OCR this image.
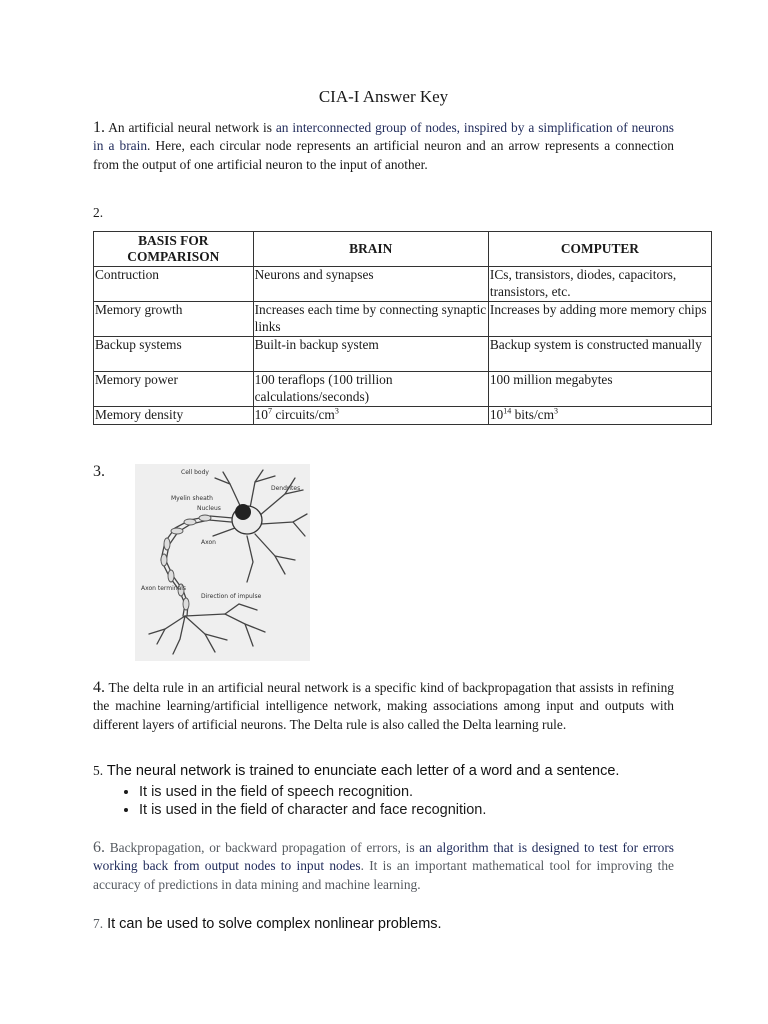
CIA-I Answer Key
1. An artificial neural network is an interconnected group of nodes, inspired by a simplification of neurons in a brain. Here, each circular node represents an artificial neuron and an arrow represents a connection from the output of one artificial neuron to the input of another.
2.
BASIS FOR COMPARISON	BRAIN	COMPUTER
Contruction	Neurons and synapses	ICs, transistors, diodes, capacitors, transistors, etc.
Memory growth	Increases each time by connecting synaptic links	Increases by adding more memory chips
Backup systems	Built-in backup system	Backup system is constructed manually
Memory power	100 teraflops (100 trillion calculations/seconds)	100 million megabytes
Memory density	$10^7$ circuits/$cm^3$	$10^{14}$ bits/$cm^3$
3.	Cell body
Dendrites
Myelin sheath
Nucleus
Axon
Axon terminals
Direction of impulse
4. The delta rule in an artificial neural network is a specific kind of backpropagation that assists in refining the machine learning/artificial intelligence network, making associations among input and outputs with different layers of artificial neurons. The Delta rule is also called the Delta learning rule.
5. The neural network is trained to enunciate each letter of a word and a sentence.
• It is used in the field of speech recognition.
• It is used in the field of character and face recognition.
6. Backpropagation, or backward propagation of errors, is an algorithm that is designed to test for errors working back from output nodes to input nodes. It is an important mathematical tool for improving the accuracy of predictions in data mining and machine learning.
7. It can be used to solve complex nonlinear problems.
